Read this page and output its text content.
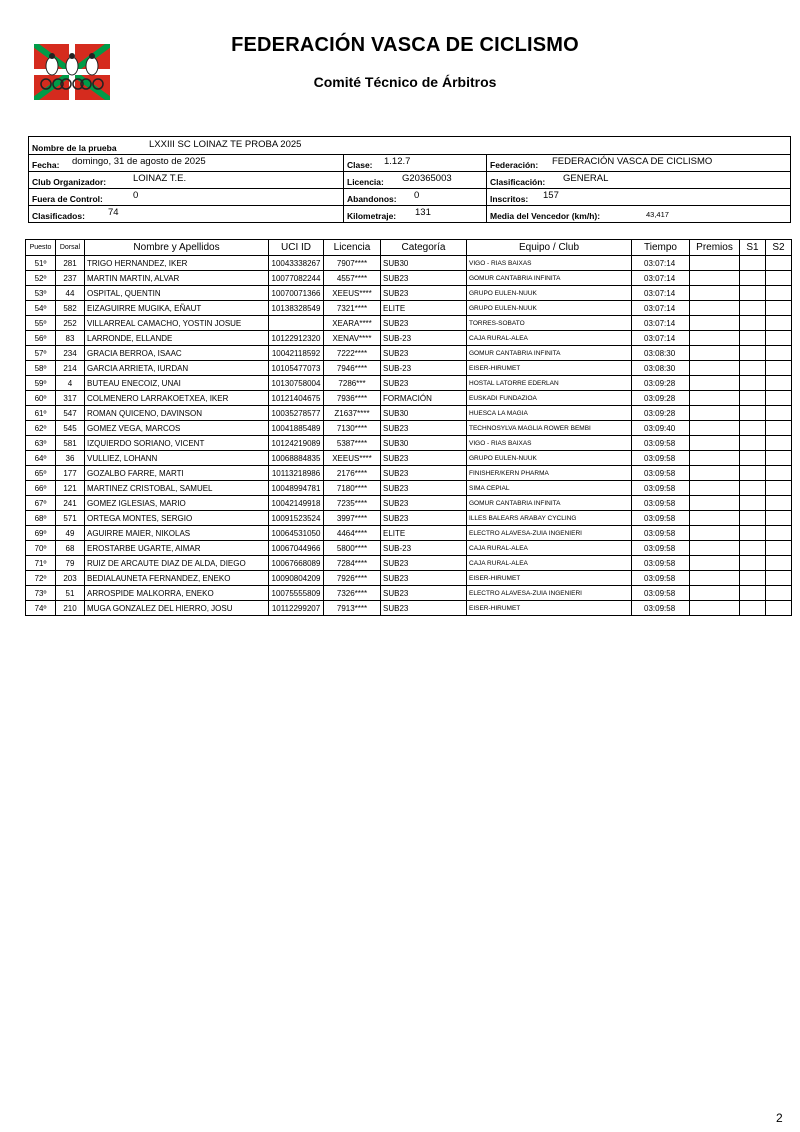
FEDERACIÓN VASCA DE CICLISMO
Comité Técnico de Árbitros
Nombre de la prueba	LXXIII SC LOINAZ TE PROBA 2025
Fecha: domingo, 31 de agosto de 2025	Clase: 1.12.7	Federación: FEDERACIÓN VASCA DE CICLISMO
Club Organizador:	LOINAZ T.E.	Licencia: G20365003	Clasificación: GENERAL
Fuera de Control:	0	Abandonos: 0	Inscritos: 157
Clasificados: 74	Kilometraje: 131	Media del Vencedor (km/h):	43,417
Puesto	Dorsal	Nombre y Apellidos	UCI ID	Licencia	Categoría	Equipo / Club	Tiempo	Premios	S1	S2
51º	281	TRIGO HERNANDEZ, IKER	10043338267	7907****	SUB30	VIGO - RIAS BAIXAS	03:07:14			
52º	237	MARTIN MARTIN, ALVAR	10077082244	4557****	SUB23	GOMUR CANTABRIA INFINITA	03:07:14			
53º	44	OSPITAL, QUENTIN	10070071366	XEEUS****	SUB23	GRUPO EULEN-NUUK	03:07:14			
54º	582	EIZAGUIRRE MUGIKA, EÑAUT	10138328549	7321****	ELITE	GRUPO EULEN-NUUK	03:07:14			
55º	252	VILLARREAL CAMACHO, YOSTIN JOSUE		XEARA****	SUB23	TORRES-SOBATO	03:07:14			
56º	83	LARRONDE, ELLANDE	10122912320	XENAV****	SUB-23	CAJA RURAL-ALEA	03:07:14			
57º	234	GRACIA BERROA, ISAAC	10042118592	7222****	SUB23	GOMUR CANTABRIA INFINITA	03:08:30			
58º	214	GARCIA ARRIETA, IURDAN	10105477073	7946****	SUB-23	EISER-HIRUMET	03:08:30			
59º	4	BUTEAU ENECOIZ, UNAI	10130758004	7286***	SUB23	HOSTAL LATORRE EDERLAN	03:09:28			
60º	317	COLMENERO LARRAKOETXEA, IKER	10121404675	7936****	FORMACIÓN	EUSKADI FUNDAZIOA	03:09:28			
61º	547	ROMAN QUICENO, DAVINSON	10035278577	Z1637****	SUB30	HUESCA LA MAGIA	03:09:28			
62º	545	GOMEZ VEGA, MARCOS	10041885489	7130****	SUB23	TECHNOSYLVA MAGLIA ROWER BEMBI	03:09:40			
63º	581	IZQUIERDO SORIANO, VICENT	10124219089	5387****	SUB30	VIGO - RIAS BAIXAS	03:09:58			
64º	36	VULLIEZ, LOHANN	10068884835	XEEUS****	SUB23	GRUPO EULEN-NUUK	03:09:58			
65º	177	GOZALBO FARRE, MARTI	10113218986	2176****	SUB23	FINISHER/KERN PHARMA	03:09:58			
66º	121	MARTINEZ CRISTOBAL, SAMUEL	10048994781	7180****	SUB23	SIMA CEPIAL	03:09:58			
67º	241	GOMEZ IGLESIAS, MARIO	10042149918	7235****	SUB23	GOMUR CANTABRIA INFINITA	03:09:58			
68º	571	ORTEGA MONTES, SERGIO	10091523524	3997****	SUB23	ILLES BALEARS ARABAY CYCLING	03:09:58			
69º	49	AGUIRRE MAIER, NIKOLAS	10064531050	4464****	ELITE	ELECTRO ALAVESA-ZUIA INGENIERI	03:09:58			
70º	68	EROSTARBE UGARTE, AIMAR	10067044966	5800****	SUB-23	CAJA RURAL-ALEA	03:09:58			
71º	79	RUIZ DE ARCAUTE DIAZ DE ALDA, DIEGO	10067668089	7284****	SUB23	CAJA RURAL-ALEA	03:09:58			
72º	203	BEDIALAUNETA FERNANDEZ, ENEKO	10090804209	7926****	SUB23	EISER-HIRUMET	03:09:58			
73º	51	ARROSPIDE MALKORRA, ENEKO	10075555809	7326****	SUB23	ELECTRO ALAVESA-ZUIA INGENIERI	03:09:58			
74º	210	MUGA GONZALEZ DEL HIERRO, JOSU	10112299207	7913****	SUB23	EISER-HIRUMET	03:09:58			
2
